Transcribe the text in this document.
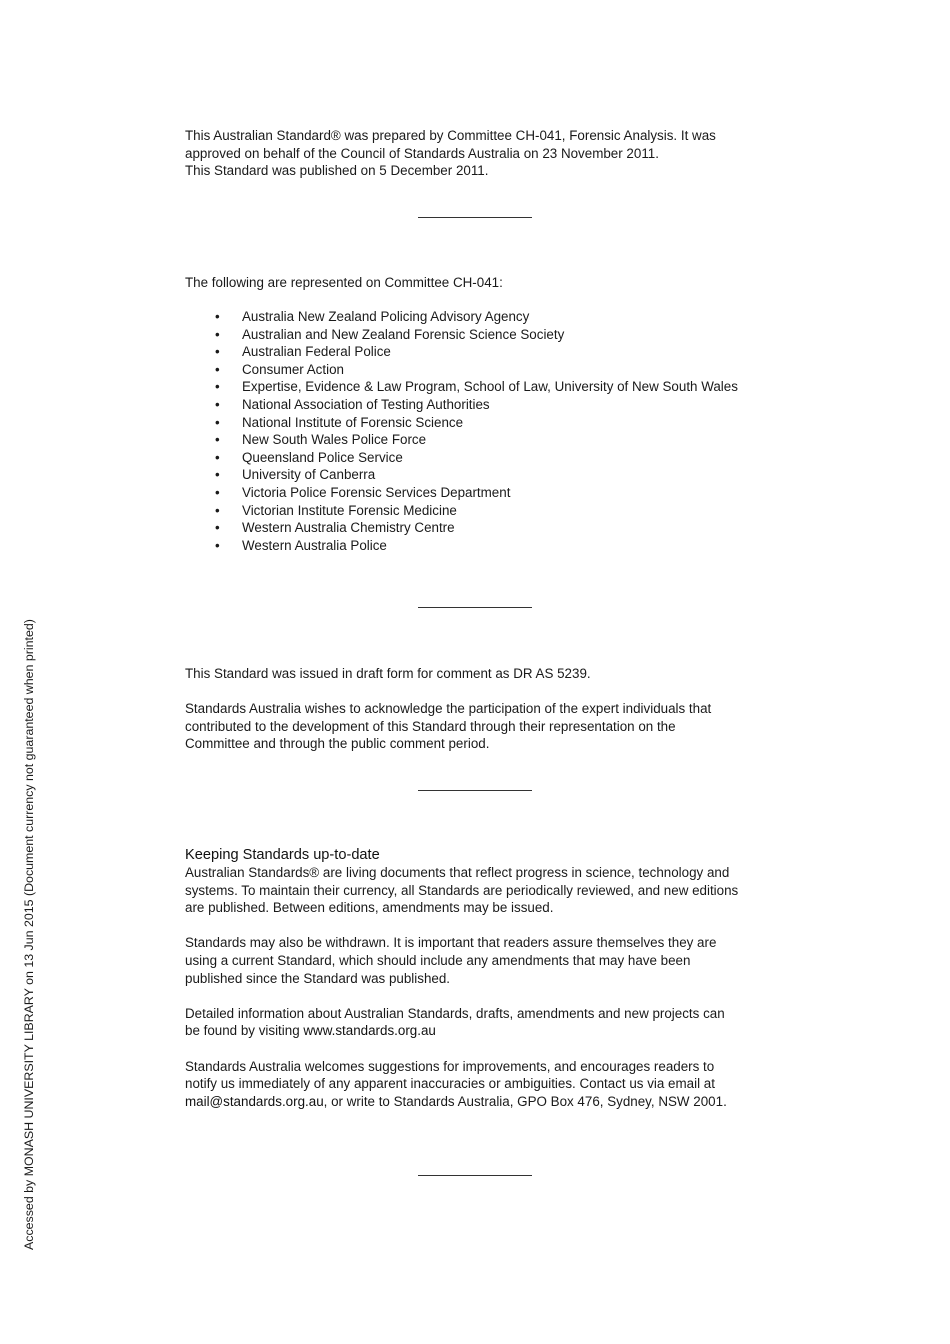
This Australian Standard® was prepared by Committee CH-041, Forensic Analysis. It was

approved on behalf of the Council of Standards Australia on 23 November 2011.

This Standard was published on 5 December 2011.

The following are represented on Committee CH-041:

• Australia New Zealand Policing Advisory Agency
• Australian and New Zealand Forensic Science Society
• Australian Federal Police
• Consumer Action
• Expertise, Evidence & Law Program, School of Law, University of New South Wales
• National Association of Testing Authorities
• National Institute of Forensic Science
• New South Wales Police Force
• Queensland Police Service
• University of Canberra
• Victoria Police Forensic Services Department
• Victorian Institute Forensic Medicine
• Western Australia Chemistry Centre
• Western Australia Police

This Standard was issued in draft form for comment as DR AS 5239.

Standards Australia wishes to acknowledge the participation of the expert individuals that

contributed to the development of this Standard through their representation on the

Committee and through the public comment period.

Keeping Standards up-to-date

Australian Standards® are living documents that reflect progress in science, technology and

systems. To maintain their currency, all Standards are periodically reviewed, and new editions

are published. Between editions, amendments may be issued.

Standards may also be withdrawn. It is important that readers assure themselves they are

using a current Standard, which should include any amendments that may have been

published since the Standard was published.

Detailed information about Australian Standards, drafts, amendments and new projects can

be found by visiting www.standards.org.au

Standards Australia welcomes suggestions for improvements, and encourages readers to

notify us immediately of any apparent inaccuracies or ambiguities. Contact us via email at

mail@standards.org.au, or write to Standards Australia, GPO Box 476, Sydney, NSW 2001.

Accessed by MONASH UNIVERSITY LIBRARY on 13 Jun 2015 (Document currency not guaranteed when printed)
